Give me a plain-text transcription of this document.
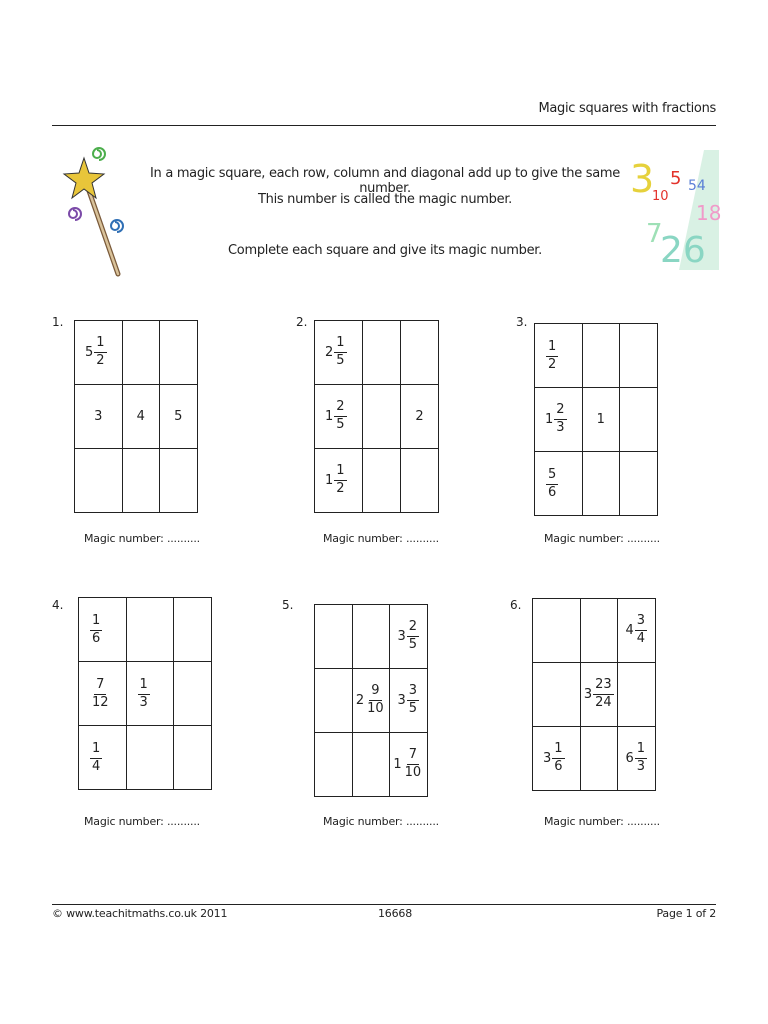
Magic squares with fractions
3
10
5 54
18
7
26
In a magic square, each row, column and diagonal add up to give the same number.
This number is called the magic number.
Complete each square and give its magic number.
1.
$5 \frac{1}{2}$

3	4	5

Magic number: ..........
2.
$2 \frac{1}{5}$

$1 \frac{2}{5}$		2

$1 \frac{1}{2}$

Magic number: ..........
3.
$\frac{1}{2}$

$1 \frac{2}{3}$	1	

$\frac{5}{6}$

Magic number: ..........
4.
$\frac{1}{6}$

$\frac{7}{12}$	$\frac{1}{3}$

$\frac{1}{4}$

Magic number: ..........
5.

		$3 \frac{2}{5}$

	$2 \frac{9}{10}$	$3 \frac{3}{5}$

		$1 \frac{7}{10}$
Magic number: ..........
6.

		$4 \frac{3}{4}$

	$3 \frac{23}{24}$

$3 \frac{1}{6}$		$6 \frac{1}{3}$
Magic number: ..........
© www.teachitmaths.co.uk 2011	16668	Page 1 of 2
